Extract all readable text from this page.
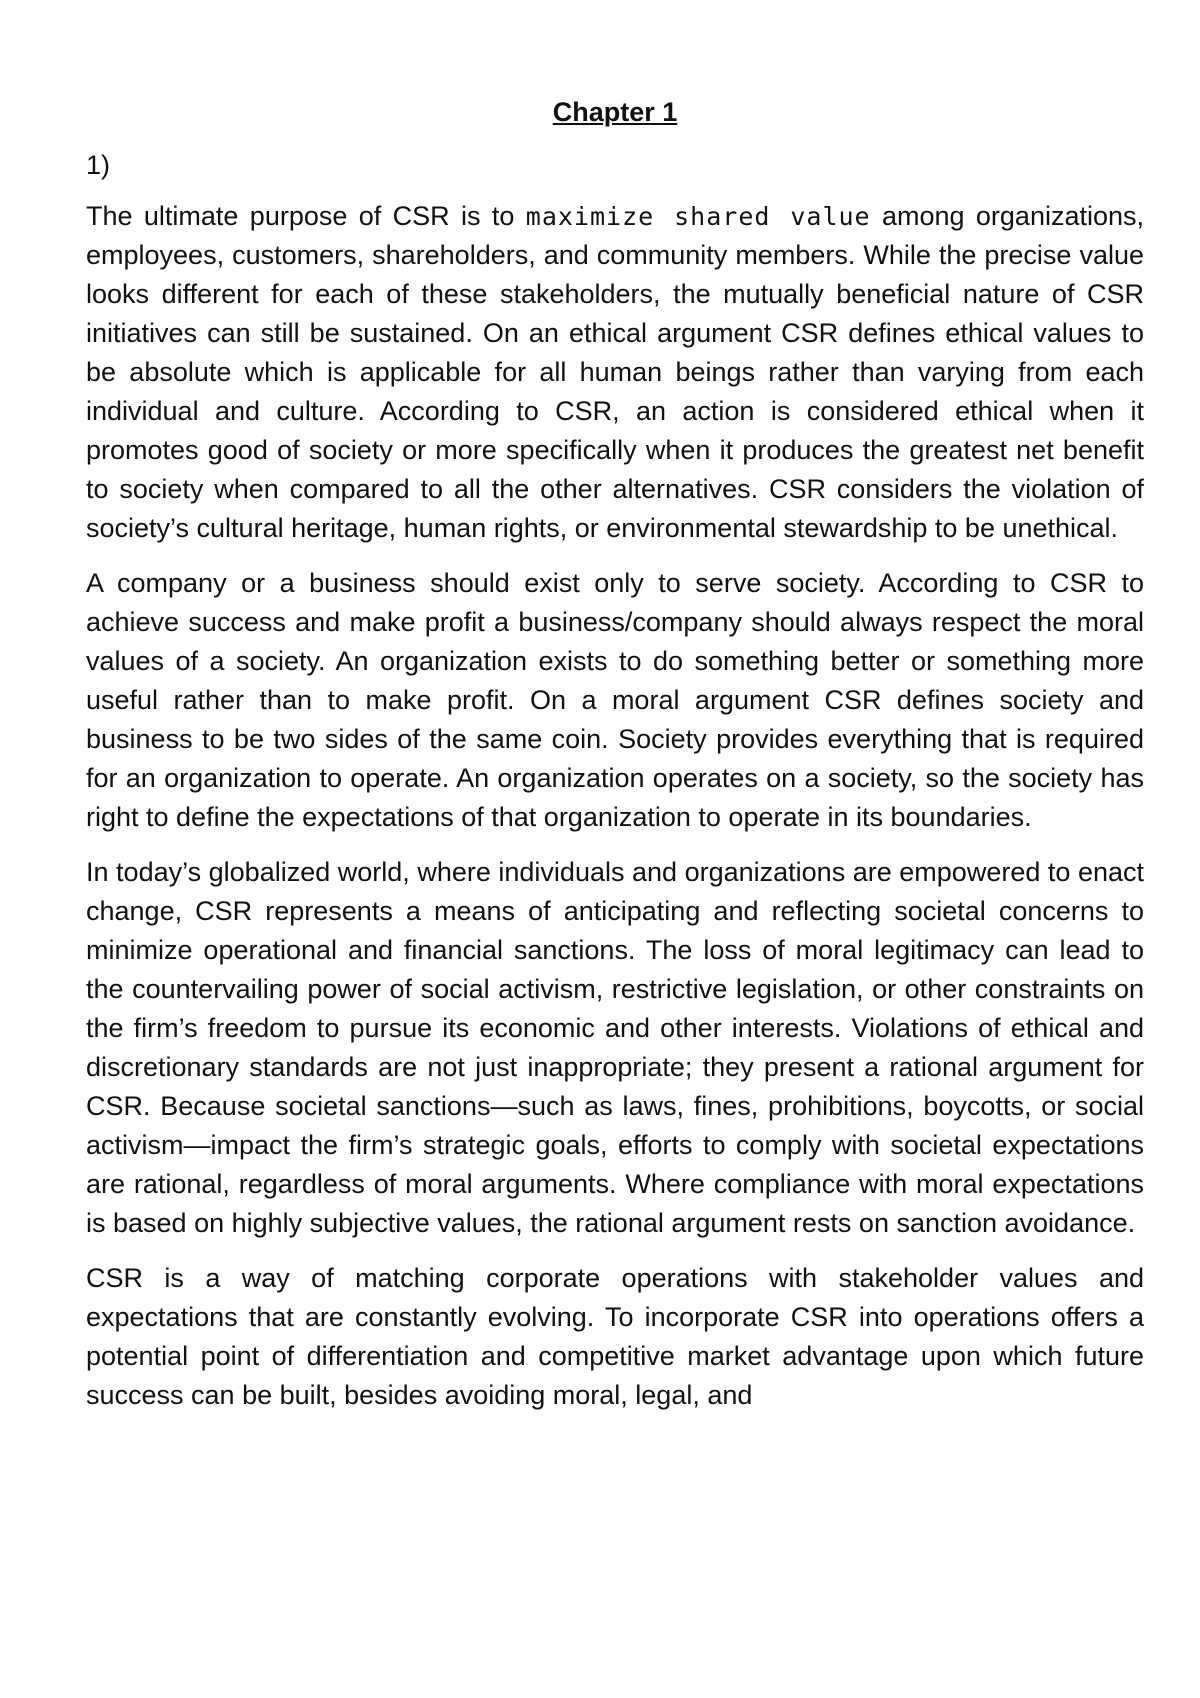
Chapter 1

1)

The ultimate purpose of CSR is to maximize shared value among organizations, employees, customers, shareholders, and community members. While the precise value looks different for each of these stakeholders, the mutually beneficial nature of CSR initiatives can still be sustained. On an ethical argument CSR defines ethical values to be absolute which is applicable for all human beings rather than varying from each individual and culture. According to CSR, an action is considered ethical when it promotes good of society or more specifically when it produces the greatest net benefit to society when compared to all the other alternatives. CSR considers the violation of society’s cultural heritage, human rights, or environmental stewardship to be unethical.

A company or a business should exist only to serve society. According to CSR to achieve success and make profit a business/company should always respect the moral values of a society. An organization exists to do something better or something more useful rather than to make profit. On a moral argument CSR defines society and business to be two sides of the same coin. Society provides everything that is required for an organization to operate. An organization operates on a society, so the society has right to define the expectations of that organization to operate in its boundaries.

In today’s globalized world, where individuals and organizations are empowered to enact change, CSR represents a means of anticipating and reflecting societal concerns to minimize operational and financial sanctions. The loss of moral legitimacy can lead to the countervailing power of social activism, restrictive legislation, or other constraints on the firm’s freedom to pursue its economic and other interests. Violations of ethical and discretionary standards are not just inappropriate; they present a rational argument for CSR. Because societal sanctions—such as laws, fines, prohibitions, boycotts, or social activism—impact the firm’s strategic goals, efforts to comply with societal expectations are rational, regardless of moral arguments. Where compliance with moral expectations is based on highly subjective values, the rational argument rests on sanction avoidance.

CSR is a way of matching corporate operations with stakeholder values and expectations that are constantly evolving. To incorporate CSR into operations offers a potential point of differentiation and competitive market advantage upon which future success can be built, besides avoiding moral, legal, and
